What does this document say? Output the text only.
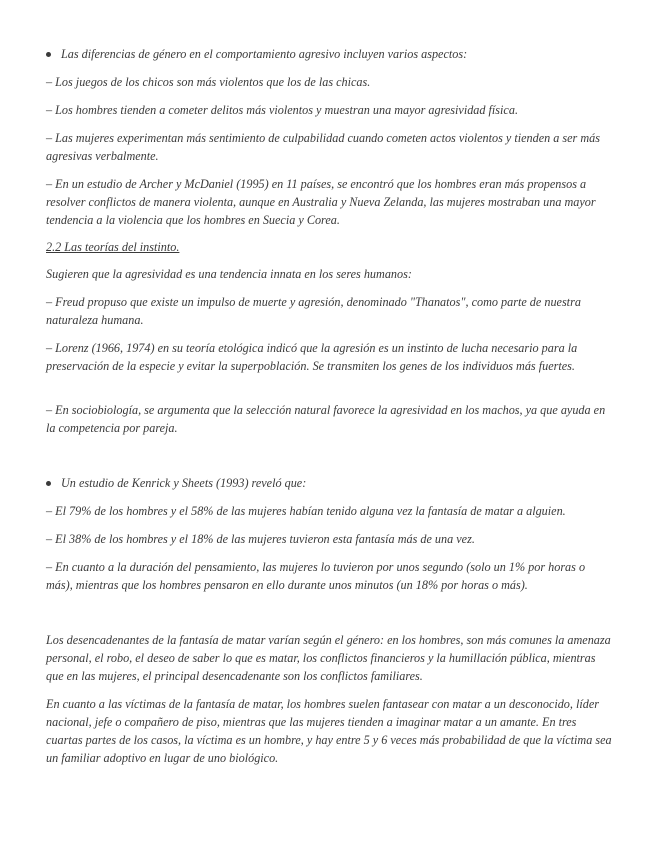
Las diferencias de género en el comportamiento agresivo incluyen varios aspectos:

– Los juegos de los chicos son más violentos que los de las chicas.

– Los hombres tienden a cometer delitos más violentos y muestran una mayor agresividad física.

– Las mujeres experimentan más sentimiento de culpabilidad cuando cometen actos violentos y tienden a ser más agresivas verbalmente.

– En un estudio de Archer y McDaniel (1995) en 11 países, se encontró que los hombres eran más propensos a resolver conflictos de manera violenta, aunque en Australia y Nueva Zelanda, las mujeres mostraban una mayor tendencia a la violencia que los hombres en Suecia y Corea.

2.2 Las teorías del instinto.

Sugieren que la agresividad es una tendencia innata en los seres humanos:

– Freud propuso que existe un impulso de muerte y agresión, denominado "Thanatos", como parte de nuestra naturaleza humana.

– Lorenz (1966, 1974) en su teoría etológica indicó que la agresión es un instinto de lucha necesario para la preservación de la especie y evitar la superpoblación. Se transmiten los genes de los individuos más fuertes.

– En sociobiología, se argumenta que la selección natural favorece la agresividad en los machos, ya que ayuda en la competencia por pareja.

Un estudio de Kenrick y Sheets (1993) reveló que:

– El 79% de los hombres y el 58% de las mujeres habían tenido alguna vez la fantasía de matar a alguien.

– El 38% de los hombres y el 18% de las mujeres tuvieron esta fantasía más de una vez.

– En cuanto a la duración del pensamiento, las mujeres lo tuvieron por unos segundo (solo un 1% por horas o más), mientras que los hombres pensaron en ello durante unos minutos (un 18% por horas o más).

Los desencadenantes de la fantasía de matar varían según el género: en los hombres, son más comunes la amenaza personal, el robo, el deseo de saber lo que es matar, los conflictos financieros y la humillación pública, mientras que en las mujeres, el principal desencadenante son los conflictos familiares.

En cuanto a las víctimas de la fantasía de matar, los hombres suelen fantasear con matar a un desconocido, líder nacional, jefe o compañero de piso, mientras que las mujeres tienden a imaginar matar a un amante. En tres cuartas partes de los casos, la víctima es un hombre, y hay entre 5 y 6 veces más probabilidad de que la víctima sea un familiar adoptivo en lugar de uno biológico.
